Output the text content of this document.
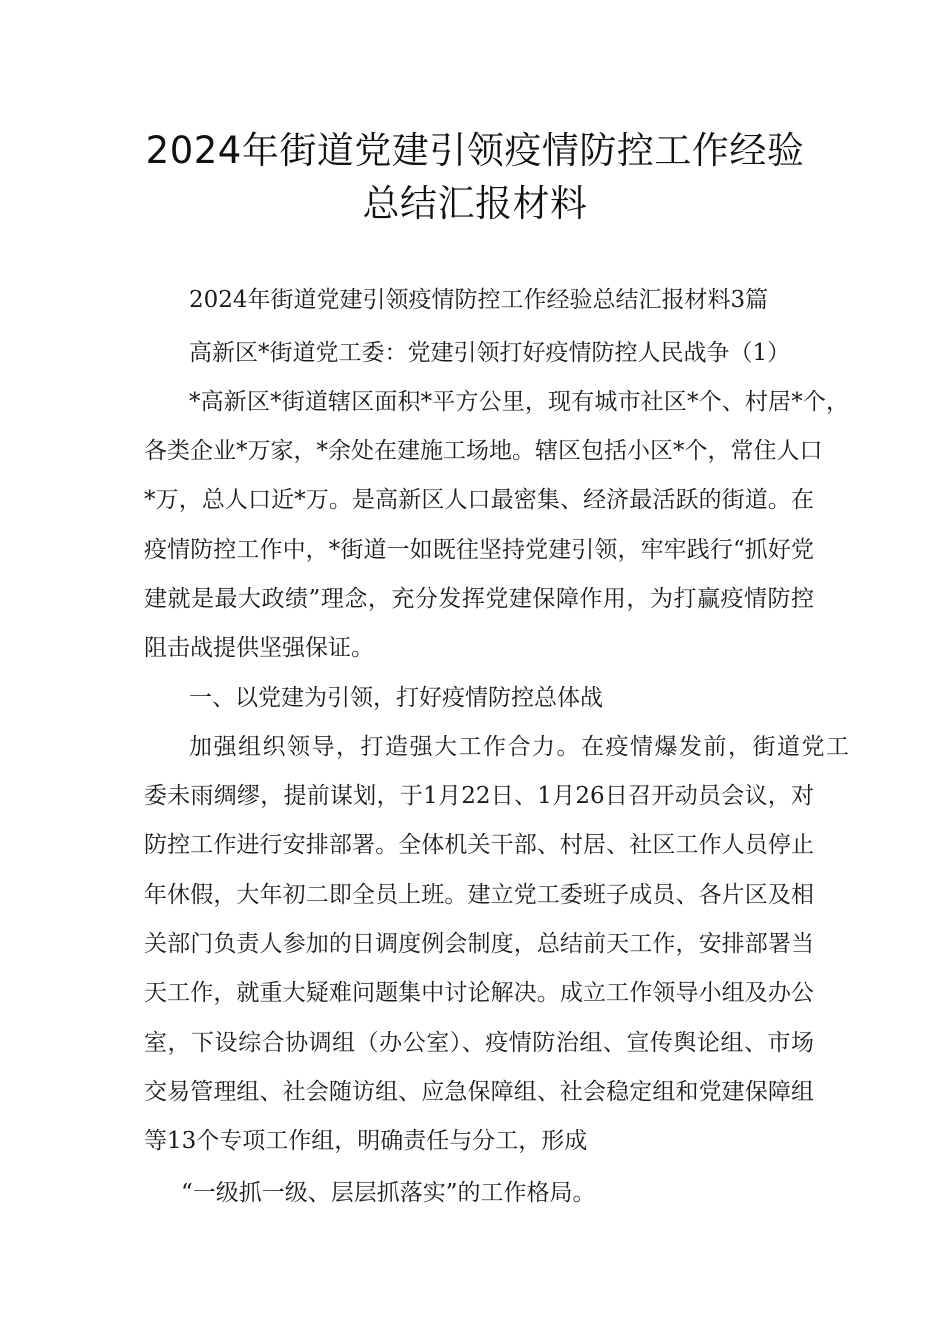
2024年街道党建引领疫情防控工作经验
总结汇报材料
2024年街道党建引领疫情防控工作经验总结汇报材料3篇
高新区*街道党工委：党建引领打好疫情防控人民战争（1）
*高新区*街道辖区面积*平方公里，现有城市社区*个、村居*个，
各类企业*万家，*余处在建施工场地。辖区包括小区*个，常住人口
*万，总人口近*万。是高新区人口最密集、经济最活跃的街道。在
疫情防控工作中，*街道一如既往坚持党建引领，牢牢践行“抓好党
建就是最大政绩”理念，充分发挥党建保障作用，为打赢疫情防控
阻击战提供坚强保证。
一、以党建为引领，打好疫情防控总体战
加强组织领导，打造强大工作合力。在疫情爆发前，街道党工
委未雨绸缪，提前谋划，于1月22日、1月26日召开动员会议，对
防控工作进行安排部署。全体机关干部、村居、社区工作人员停止
年休假，大年初二即全员上班。建立党工委班子成员、各片区及相
关部门负责人参加的日调度例会制度，总结前天工作，安排部署当
天工作，就重大疑难问题集中讨论解决。成立工作领导小组及办公
室，下设综合协调组（办公室）、疫情防治组、宣传舆论组、市场
交易管理组、社会随访组、应急保障组、社会稳定组和党建保障组
等13个专项工作组，明确责任与分工，形成
“一级抓一级、层层抓落实”的工作格局。
